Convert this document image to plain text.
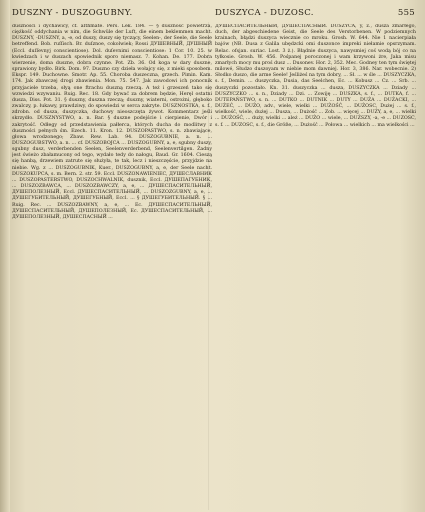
DUSZNY - DUSZOGUBNY.	DUSZYCA - DUZOSC.	555

duszności i dychawicy, cf. aſthmate. Pers. Lek. 184. — § duszność powietrza, ciężkość oddychania w nim, die Schwüle der Luft, die einem beklemmen macht. DUSZNY, -DUSZNY, a, -e, od duszy, duszy się tyczący, Seelen-, der Seele, die Seele betreffend. Bob. ruſſisch. Br. duſznoe, cokolwiek; Rossi ДУШЕВНЫЙ, ДУШНЫЙ (Eccl. duſſevnyj conscientiose). Dol. duſevnimi conscientiose: 1 Cor. 10. 25. w kwiedzach i w duszach spowiednik sporo niemasz. 7. Kohan. De. 177. Dobra wierzenie, doma duszne, dobra czynne. Pot. Zb. 36. Od koga w dary duszne, sprawiony bydło. Birk. Dom. 97. Duszno czy dzieła wołajcy się, z mieki sposobem. Ekspr. 149. Duchowne. Smotr. Ap. 55. Choroba duszeczna, grzech. Pimin. Kam. 174. Jak zbawczej drogi zbawienia. Mon. 75. 547. Jak zawodowi ich ponocnik przyjaciele trzeba, słyą one ftrachu duszną rzeczą. A też i grzeszeń tako się wzwiedzi wzywaniu. Ruig. Rec. 18. Gdy bywać za dobrem będzie, Heręl ostatni dusza, Diss. Pot. 31. § duszny, duszna rzeczą; duszny, wiaterni, ostrożni, głęboko zwalczy, p. łukawy, prawdziwy, do spowiedzi w serca zakryte. DUSZNOSTKA, s. f., zdrobn. od dusza, duszyczka, duchowy nieoszczęta żywot. Kommentarz jeśli skrzydło. DUSZNYSTWO, a. n. Bar. § duszne podejście i cierpienie, Dwór i zakrytość. Odłegy od przedstawienia pałłerca, których ducha do modlitwy z duszności pełnych śm. Ezech. 11. Kron. 12. DUSZOPASTWO, s. n. zbawiające, głowa wrodzonego; Zbaw. Rew. Lab. 94. DUSZOGUBNIE, a. n. ... DUSZOGUBSTWO, a. n. ... cf. DUSZOBOJCA ... DUSZOGUBNY, a, e, sgubny duszy, sgubny dusz, verderbenden Seelen, Seelenverderbend, Seelenvertilgen. Żadny jest świeżo zbałamucony od tego, wydało tedy do nałogu, Baud. Gr. 1604. Cieszą się hanbą, drzewiem zatrute się służyła, te tak, lecz i nieszczęście, przyjdzie na niebie. Wg. z ... DUSZOGUBNIK, Kuer., DUSZOGUBNY, a, e, der Seele nacht. DUSZOKUPCA, s. m. Bern. 2. str. 59. Eccl. DUSZONAWIENIEC, ДУШЕСЛАВНИК ... DUSZOPASTERSTWO, DUSZOCHWALNIK, dusznik, Eccl. ДУШЕПАГУБНИК, ... DUSZOZBAWCA, ... DUSZOZBAWCZY, a, e, ... ДУШЕСПАСИТЕЛЬНЫЙ, ДУШЕПОЛЕЗНЫЙ, Eccl. ДУШЕСПАСИТЕЛЬНЫЙ, ... DUSZOZGUBNY, a, e, ... ДУШЕГУБИТЕЛЬНЫЙ, ДУШЕГУБНЫЙ, Eccl. ... § ДУШЕГУБИТЕЛЬНЫЙ. § ... Ruig. Rec. ... DUSZOZBAWNY, a, e, ... Ec. ДУШЕСПАСИТЕЛЬНЫЙ, ДУШЕСПАСИТЕЛЬНЫЙ, ДУШЕПОЛЕЗНЫЙ, Ec. ДУШЕСПАСИТЕЛЬНЫЙ, ... ДУШЕПОЛЕЗНЫЙ, ДУШЕСПАСНЫЙ ...

ДУШЕСПАСИТЕЛЬНЫЙ, ДУШЕСПАСНЫЙ. DUSZYCA, y, ż., dusza zmarłego, duch, der abgeschiedene Geist, die Seele des Verstorbenen. W podziemnych krainach, błądzi duszyca wiecznie co mroku. Grosh. W. 644. Nie 1 nacierpiała bajów (NB. Dusa z Galila ubędzcki omi duszonce impreki niełamie opsrzymam. Relac. ofsjan. suriac. Lost. 3 ż.). Błądnie duszyca, nawysmiej coś wodą bój co na tyłkosie. Grosh. W. 456. Pośpanej poroczonej i wam krzywoni żre, Jaka misu zmarłych mocy mu proś dusz ... Dusonev. Hor. 2, 352. Mec. Godney ten tym świętej milowé, Słudzo duszoyam w niebie mom dawniej. Hor. 3, 386. Nar. wobecnie. 2) Słodko duszo, die arme Seele! Jeśliżeś na tym dobry, ... Sł. ... w śle ... DUSZYCZKA, s. f., Demin. ... duszyczka, Dusia, das Seelchen, Ec. ... Kobusz ... Cz. ... Srb. ... duszyczki pozostało. Kn. 31. duszyczka ... dusza, DUSZYCZKA ... Dziady ... DUSZYCZKO ... s. n., Dziady ... Dzi. ... Zowiję ... DUSZKA, s. f., ... DUTKA, f. ... DUTEPAŃSTWO, s. n. ... DUTKO ... DUTNIK ... DUTY ... DUŻA ... DUŻACKI, ... DUŻEĆ, ... DUŻO, adv., wiele, wielki ... DUŻOŚĆ, ... DUŻOSC, Dużej ... s. f., wielkość, wiele, dużej ... Dusza, ... Dużość ... Zob. ... więcej ... DUŻY, a, e, ... wielki ... DUŻOŚĆ, ... duży, wielki ... ależ ... DUŻO ... wiele, ... DUŻSZY, -a, -e ... DUZOSC, s. f. ... DUZOSC, s. f., die Größe, ... Dużość ... Połowa ... wielkich ... ma wielkości ...
